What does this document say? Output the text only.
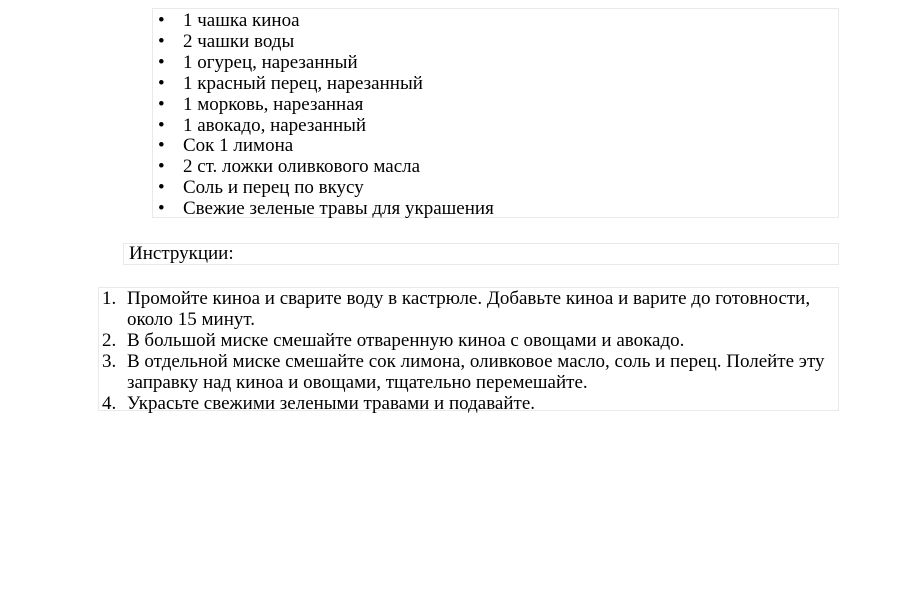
• 1 чашка киноа
• 2 чашки воды
• 1 огурец, нарезанный
• 1 красный перец, нарезанный
• 1 морковь, нарезанная
• 1 авокадо, нарезанный
• Сок 1 лимона
• 2 ст. ложки оливкового масла
• Соль и перец по вкусу
• Свежие зеленые травы для украшения
Инструкции:
Промойте киноа и сварите воду в кастрюле. Добавьте киноа и варите до готовности, около 15 минут.
В большой миске смешайте отваренную киноа с овощами и авокадо.
В отдельной миске смешайте сок лимона, оливковое масло, соль и перец. Полейте эту заправку над киноа и овощами, тщательно перемешайте.
Украсьте свежими зелеными травами и подавайте.
